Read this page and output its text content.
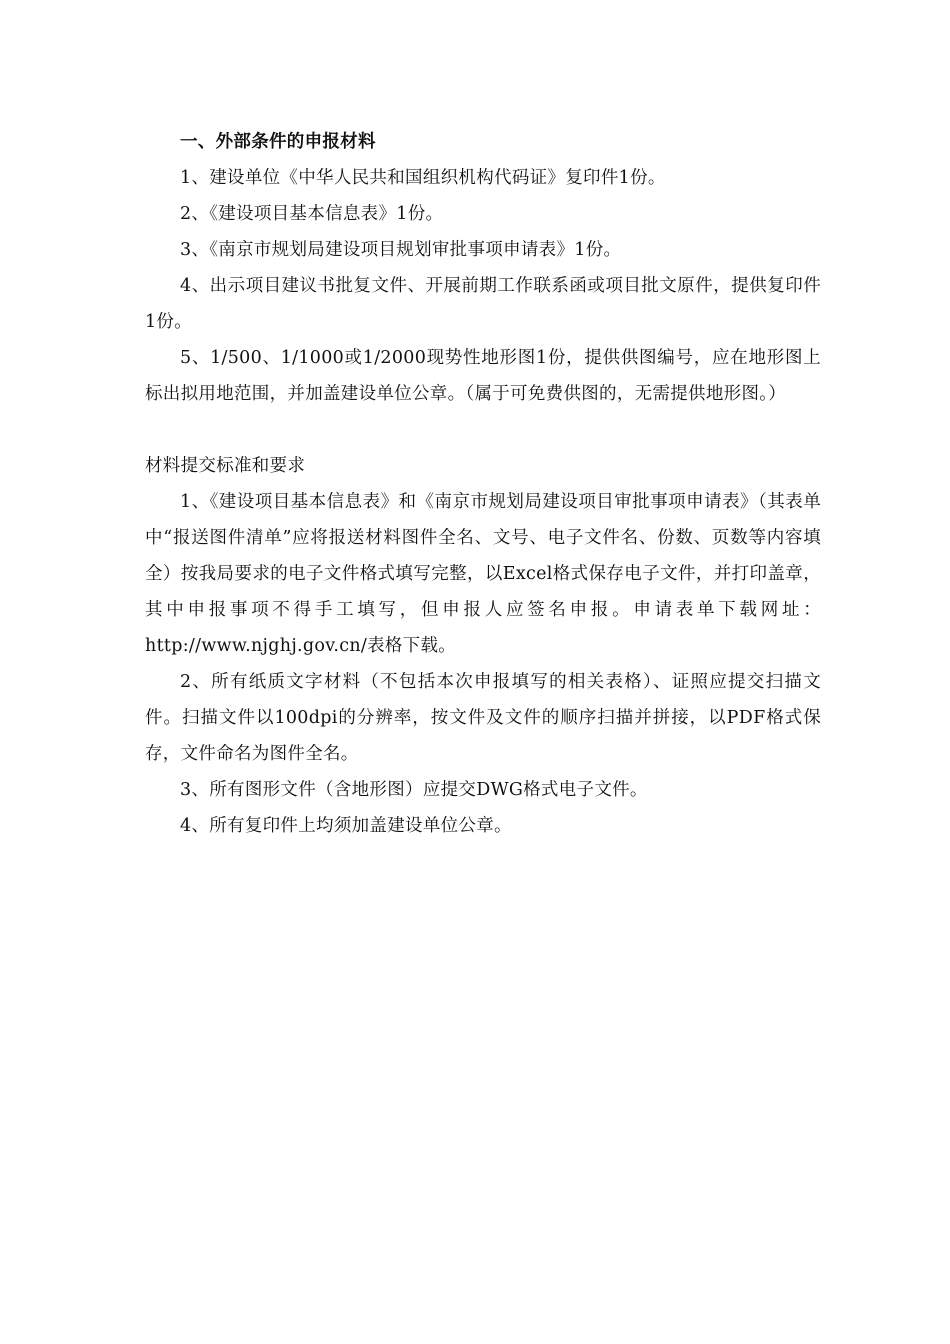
一、外部条件的申报材料

1、建设单位《中华人民共和国组织机构代码证》复印件1份。

2、《建设项目基本信息表》1份。

3、《南京市规划局建设项目规划审批事项申请表》1份。

4、出示项目建议书批复文件、开展前期工作联系函或项目批文原件，提供复印件1份。

5、1/500、1/1000或1/2000现势性地形图1份，提供供图编号，应在地形图上标出拟用地范围，并加盖建设单位公章。（属于可免费供图的，无需提供地形图。）

材料提交标准和要求

1、《建设项目基本信息表》和《南京市规划局建设项目审批事项申请表》（其表单中“报送图件清单”应将报送材料图件全名、文号、电子文件名、份数、页数等内容填全）按我局要求的电子文件格式填写完整，以Excel格式保存电子文件，并打印盖章，其中申报事项不得手工填写，但申报人应签名申报。申请表单下载网址：http://www.njghj.gov.cn/表格下载。

2、所有纸质文字材料（不包括本次申报填写的相关表格）、证照应提交扫描文件。扫描文件以100dpi的分辨率，按文件及文件的顺序扫描并拼接，以PDF格式保存，文件命名为图件全名。

3、所有图形文件（含地形图）应提交DWG格式电子文件。

4、所有复印件上均须加盖建设单位公章。
